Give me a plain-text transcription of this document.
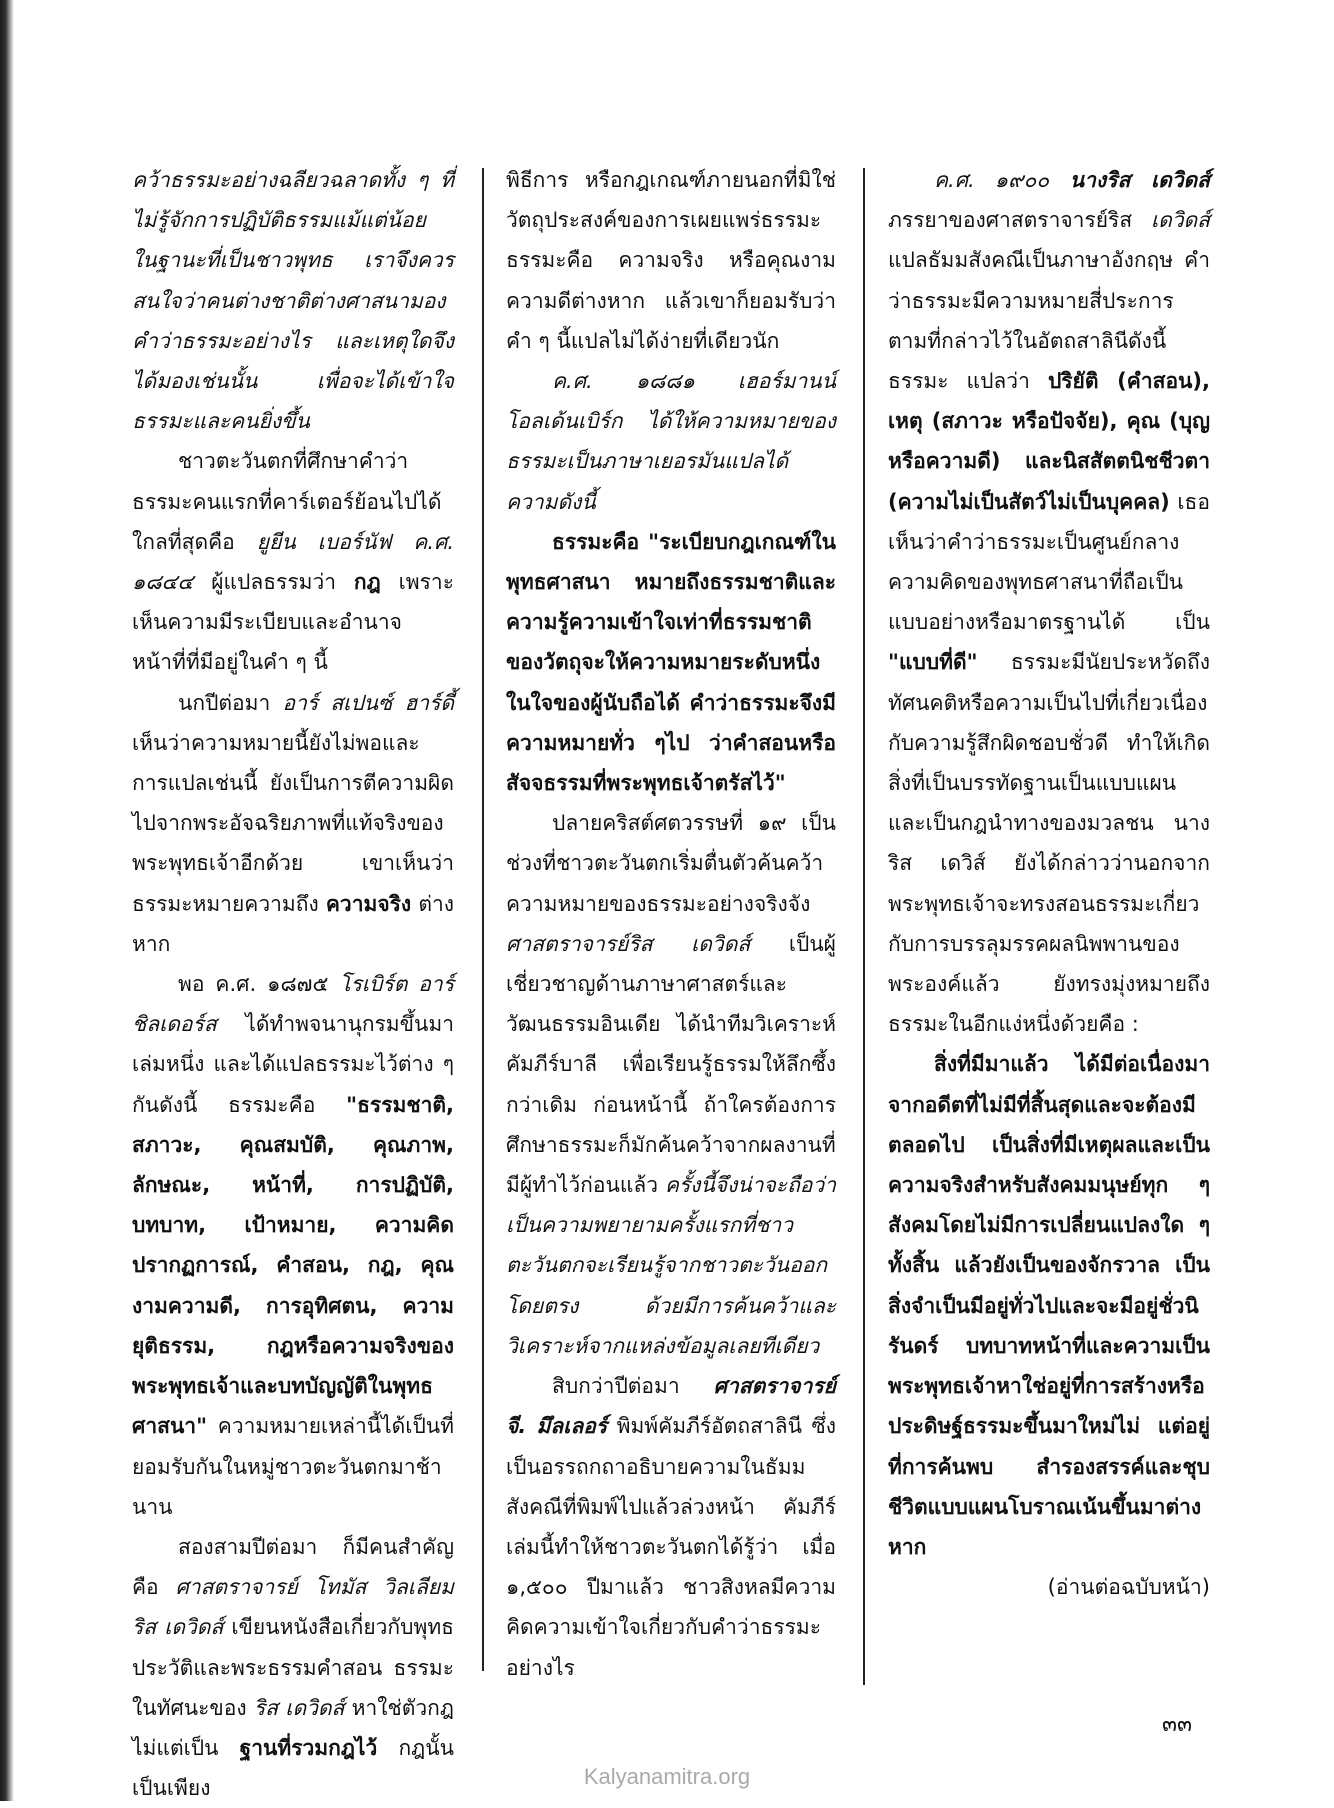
คว้าธรรมะอย่างฉลียวฉลาดทั้ง ๆ ที่ไม่รู้จักการปฏิบัติธรรมแม้แต่น้อย ในฐานะที่เป็นชาวพุทธ เราจึงควรสนใจว่าคนต่างชาติต่างศาสนามองคำว่าธรรมะอย่างไร และเหตุใดจึงได้มองเช่นนั้น เพื่อจะได้เข้าใจธรรมะและคนยิ่งขึ้น

ชาวตะวันตกที่ศึกษาคำว่าธรรมะคนแรกที่คาร์เตอร์ย้อนไปได้ใกลที่สุดคือ ยูยีน เบอร์นัฟ ค.ศ. ๑๘๔๔ ผู้แปลธรรมว่า กฎ เพราะเห็นความมีระเบียบและอำนาจหน้าที่ที่มีอยู่ในคำ ๆ นี้

นกปีต่อมา อาร์ สเปนซ์ ฮาร์ดี้ เห็นว่าความหมายนี้ยังไม่พอและการแปลเช่นนี้ ยังเป็นการตีความผิดไปจากพระอัจฉริยภาพที่แท้จริงของพระพุทธเจ้าอีกด้วย เขาเห็นว่าธรรมะหมายความถึง ความจริง ต่างหาก

พอ ค.ศ. ๑๘๗๕ โรเบิร์ต อาร์ ชิลเดอร์ส ได้ทำพจนานุกรมขึ้นมาเล่มหนึ่ง และได้แปลธรรมะไว้ต่าง ๆ กันดังนี้ ธรรมะคือ "ธรรมชาติ, สภาวะ, คุณสมบัติ, คุณภาพ, ลักษณะ, หน้าที่, การปฏิบัติ, บทบาท, เป้าหมาย, ความคิด ปรากฏการณ์, คำสอน, กฎ, คุณงามความดี, การอุทิศตน, ความยุติธรรม, กฎหรือความจริงของพระพุทธเจ้าและบทบัญญัติในพุทธศาสนา" ความหมายเหล่านี้ได้เป็นที่ยอมรับกันในหมู่ชาวตะวันตกมาช้านาน

สองสามปีต่อมา ก็มีคนสำคัญคือ ศาสตราจารย์ โทมัส วิลเลียม ริส เดวิดส์ เขียนหนังสือเกี่ยวกับพุทธประวัติและพระธรรมคำสอน ธรรมะในทัศนะของ ริส เดวิดส์ หาใช่ตัวกฎไม่แต่เป็น ฐานที่รวมกฎไว้ กฎนั้นเป็นเพียง

พิธีการ หรือกฎเกณฑ์ภายนอกที่มิใช่วัตถุประสงค์ของการเผยแพร่ธรรมะ ธรรมะคือ ความจริง หรือคุณงามความดีต่างหาก แล้วเขาก็ยอมรับว่าคำ ๆ นี้แปลไม่ได้ง่ายที่เดียวนัก

ค.ศ. ๑๘๘๑ เฮอร์มานน์ โอลเด้นเบิร์ก ได้ให้ความหมายของธรรมะเป็นภาษาเยอรมันแปลได้ความดังนี้

ธรรมะคือ "ระเบียบกฎเกณฑ์ในพุทธศาสนา หมายถึงธรรมชาติและความรู้ความเข้าใจเท่าที่ธรรมชาติของวัตถุจะให้ความหมายระดับหนึ่งในใจของผู้นับถือได้ คำว่าธรรมะจึงมีความหมายทั่ว ๆไป ว่าคำสอนหรือสัจจธรรมที่พระพุทธเจ้าตรัสไว้"

ปลายคริสต์ศตวรรษที่ ๑๙ เป็นช่วงที่ชาวตะวันตกเริ่มตื่นตัวค้นคว้าความหมายของธรรมะอย่างจริงจัง ศาสตราจารย์ริส เดวิดส์ เป็นผู้เชี่ยวชาญด้านภาษาศาสตร์และวัฒนธรรมอินเดีย ได้นำทีมวิเคราะห์คัมภีร์บาลี เพื่อเรียนรู้ธรรมให้ลึกซึ้งกว่าเดิม ก่อนหน้านี้ ถ้าใครต้องการศึกษาธรรมะก็มักค้นคว้าจากผลงานที่มีผู้ทำไว้ก่อนแล้ว ครั้งนี้จึงน่าจะถือว่าเป็นความพยายามครั้งแรกที่ชาวตะวันตกจะเรียนรู้จากชาวตะวันออกโดยตรง ด้วยมีการค้นคว้าและวิเคราะห์จากแหล่งข้อมูลเลยทีเดียว

สิบกว่าปีต่อมา ศาสตราจารย์ จี. มึลเลอร์ พิมพ์คัมภีร์อัตถสาลินี ซึ่งเป็นอรรถกถาอธิบายความในธัมมสังคณีที่พิมพ์ไปแล้วล่วงหน้า คัมภีร์เล่มนี้ทำให้ชาวตะวันตกได้รู้ว่า เมื่อ ๑,๕๐๐ ปีมาแล้ว ชาวสิงหลมีความคิดความเข้าใจเกี่ยวกับคำว่าธรรมะอย่างไร

ค.ศ. ๑๙๐๐ นางริส เดวิดส์ ภรรยาของศาสตราจารย์ริส เดวิดส์ แปลธัมมสังคณีเป็นภาษาอังกฤษ คำว่าธรรมะมีความหมายสี่ประการ ตามที่กล่าวไว้ในอัตถสาลินีดังนี้ ธรรมะ แปลว่า ปริยัติ (คำสอน), เหตุ (สภาวะ หรือปัจจัย), คุณ (บุญหรือความดี) และนิสสัตตนิชชีวตา (ความไม่เป็นสัตว์ไม่เป็นบุคคล) เธอเห็นว่าคำว่าธรรมะเป็นศูนย์กลางความคิดของพุทธศาสนาที่ถือเป็นแบบอย่างหรือมาตรฐานได้ เป็น "แบบที่ดี" ธรรมะมีนัยประหวัดถึงทัศนคติหรือความเป็นไปที่เกี่ยวเนื่องกับความรู้สึกผิดชอบชั่วดี ทำให้เกิดสิ่งที่เป็นบรรทัดฐานเป็นแบบแผน และเป็นกฎนำทางของมวลชน นางริส เดวิส์ ยังได้กล่าวว่านอกจากพระพุทธเจ้าจะทรงสอนธรรมะเกี่ยวกับการบรรลุมรรคผลนิพพานของพระองค์แล้ว ยังทรงมุ่งหมายถึงธรรมะในอีกแง่หนึ่งด้วยคือ :

สิ่งที่มีมาแล้ว ได้มีต่อเนื่องมาจากอดีตที่ไม่มีที่สิ้นสุดและจะต้องมีตลอดไป เป็นสิ่งที่มีเหตุผลและเป็นความจริงสำหรับสังคมมนุษย์ทุก ๆ สังคมโดยไม่มีการเปลี่ยนแปลงใด ๆ ทั้งสิ้น แล้วยังเป็นของจักรวาล เป็นสิ่งจำเป็นมีอยู่ทั่วไปและจะมีอยู่ชั่วนิรันดร์ บทบาทหน้าที่และความเป็นพระพุทธเจ้าหาใช่อยู่ที่การสร้างหรือประดิษฐ์ธรรมะขึ้นมาใหม่ไม่ แต่อยู่ที่การค้นพบ สำรองสรรค์และชุบชีวิตแบบแผนโบราณเน้นขึ้นมาต่างหาก

(อ่านต่อฉบับหน้า)

๓๓
Kalyanamitra.org
